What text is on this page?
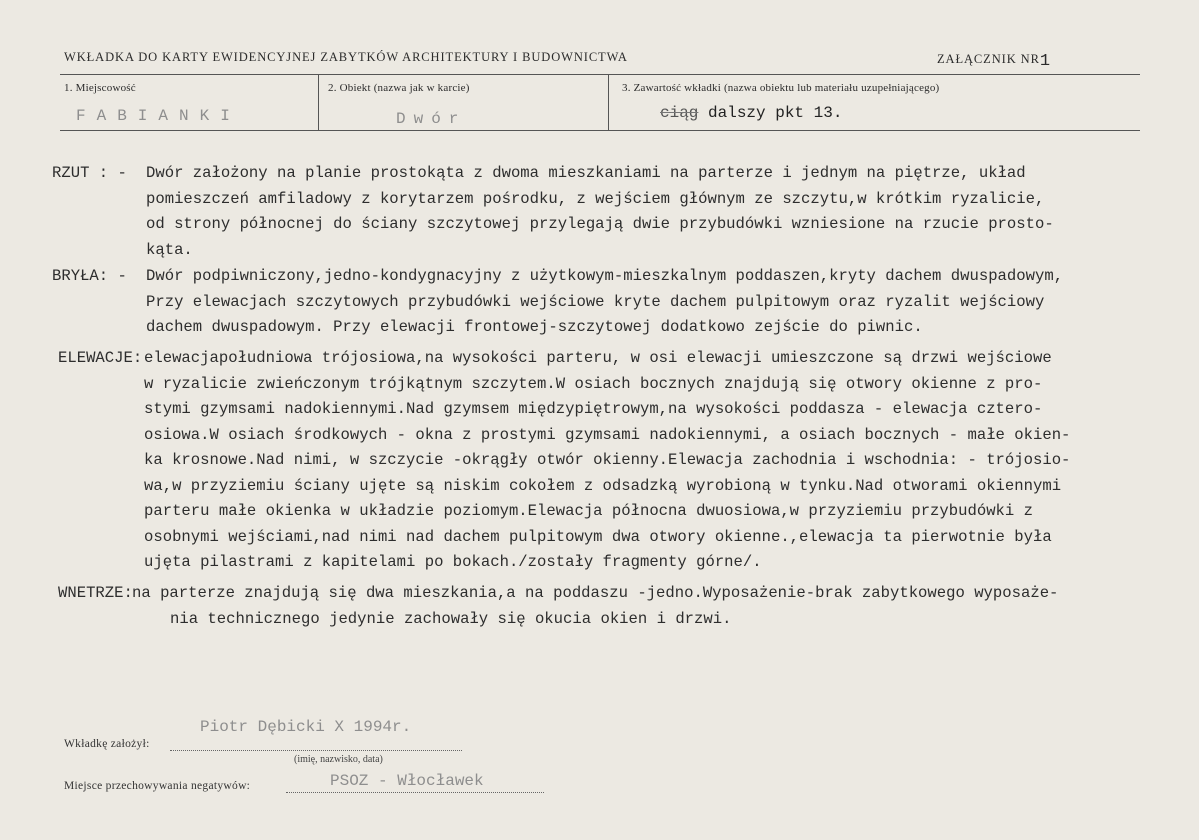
WKŁADKA DO KARTY EWIDENCYJNEJ ZABYTKÓW ARCHITEKTURY I BUDOWNICTWA	ZAŁĄCZNIK NR1
1. Miejscowość	2. Obiekt (nazwa jak w karcie)	3. Zawartość wkładki (nazwa obiektu lub materiału uzupełniającego)
FABIANKI	Dwór	ciąg dalszy pkt 13.
RZUT : - Dwór założony na planie prostokąta z dwoma mieszkaniami na parterze i jednym na piętrze, układ
pomieszczeń amfiladowy z korytarzem pośrodku, z wejściem głównym ze szczytu,w krótkim ryzalicie,
od strony północnej do ściany szczytowej przylegają dwie przybudówki wzniesione na rzucie prosto-
kąta.
BRYŁA: - Dwór podpiwniczony,jedno-kondygnacyjny z użytkowym-mieszkalnym poddaszen,kryty dachem dwuspadowym,
Przy elewacjach szczytowych przybudówki wejściowe kryte dachem pulpitowym oraz ryzalit wejściowy
dachem dwuspadowym. Przy elewacji frontowej-szczytowej dodatkowo zejście do piwnic.
ELEWACJE: elewacjapołudniowa trójosiowa,na wysokości parteru, w osi elewacji umieszczone są drzwi wejściowe
w ryzalicie zwieńczonym trójkątnym szczytem.W osiach bocznych znajdują się otwory okienne z pro-
stymi gzymsami nadokiennymi.Nad gzymsem międzypiętrowym,na wysokości poddasza - elewacja cztero-
osiowa.W osiach środkowych - okna z prostymi gzymsami nadokiennymi, a osiach bocznych - małe okien-
ka krosnowe.Nad nimi, w szczycie -okrągły otwór okienny.Elewacja zachodnia i wschodnia: - trójosio-
wa,w przyziemiu ściany ujęte są niskim cokołem z odsadzką wyrobioną w tynku.Nad otworami okiennymi
parteru małe okienka w układzie poziomym.Elewacja północna dwuosiowa,w przyziemiu przybudówki z
osobnymi wejściami,nad nimi nad dachem pulpitowym dwa otwory okienne.,elewacja ta pierwotnie była
ujęta pilastrami z kapitelami po bokach./zostały fragmenty górne/.
WNETRZE: na parterze znajdują się dwa mieszkania,a na poddaszu -jedno.Wyposażenie-brak zabytkowego wyposaże-
nia technicznego jedynie zachowały się okucia okien i drzwi.
Piotr Dębicki X 1994r.
Wkładkę założył:
(imię, nazwisko, data)
PSOZ - Włocławek
Miejsce przechowywania negatywów:
